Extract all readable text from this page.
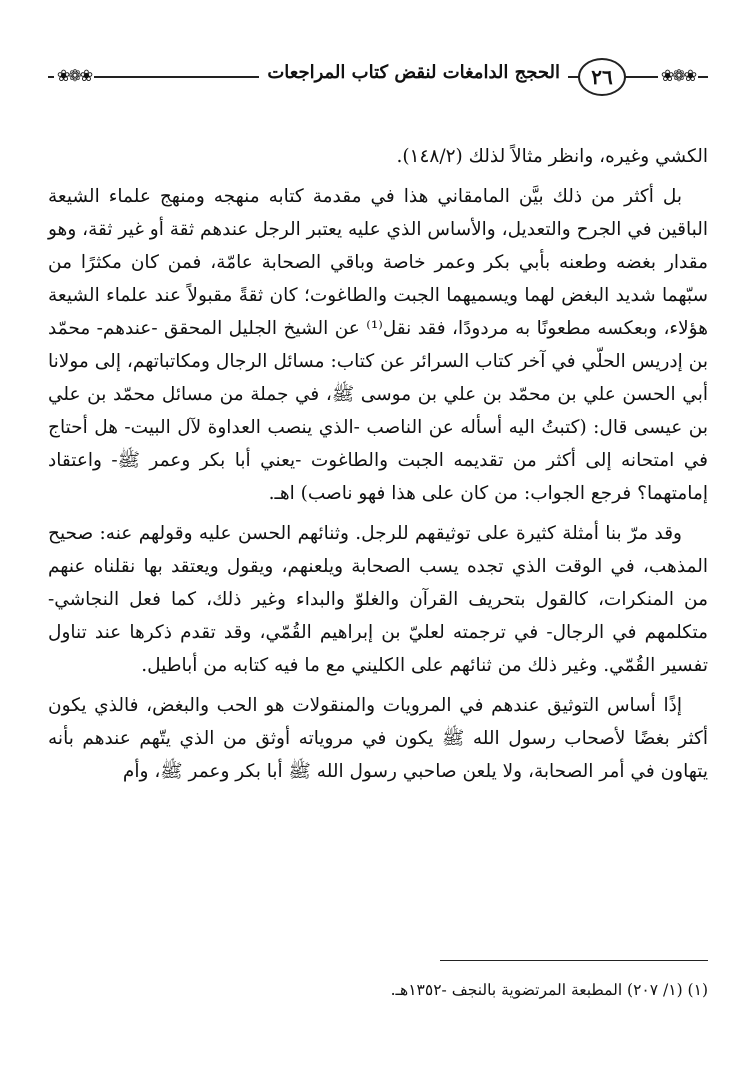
❀❁❀
٢٦
الحجج الدامغات لنقض كتاب المراجعات
❀❁❀

الكشي وغيره، وانظر مثالاً لذلك (١٤٨/٢).

بل أكثر من ذلك بيَّن المامقاني هذا في مقدمة كتابه منهجه ومنهج علماء الشيعة الباقين في الجرح والتعديل، والأساس الذي عليه يعتبر الرجل عندهم ثقة أو غير ثقة، وهو مقدار بغضه وطعنه بأبي بكر وعمر خاصة وباقي الصحابة عامّة، فمن كان مكثرًا من سبّهما شديد البغض لهما ويسميهما الجبت والطاغوت؛ كان ثقةً مقبولاً عند علماء الشيعة هؤلاء، وبعكسه مطعونًا به مردودًا، فقد نقل⁽¹⁾ عن الشيخ الجليل المحقق -عندهم- محمّد بن إدريس الحلّي في آخر كتاب السرائر عن كتاب: مسائل الرجال ومكاتباتهم، إلى مولانا أبي الحسن علي بن محمّد بن علي بن موسى ﷺ، في جملة من مسائل محمّد بن علي بن عيسى قال: (كتبتُ اليه أسأله عن الناصب -الذي ينصب العداوة لآل البيت- هل أحتاج في امتحانه إلى أكثر من تقديمه الجبت والطاغوت -يعني أبا بكر وعمر ﷺ- واعتقاد إمامتهما؟ فرجع الجواب: من كان على هذا فهو ناصب) اهـ.

وقد مرّ بنا أمثلة كثيرة على توثيقهم للرجل. وثنائهم الحسن عليه وقولهم عنه: صحيح المذهب، في الوقت الذي تجده يسب الصحابة ويلعنهم، ويقول ويعتقد بها نقلناه عنهم من المنكرات، كالقول بتحريف القرآن والغلوّ والبداء وغير ذلك، كما فعل النجاشي- متكلمهم في الرجال- في ترجمته لعليّ بن إبراهيم القُمّي، وقد تقدم ذكرها عند تناول تفسير القُمّي. وغير ذلك من ثنائهم على الكليني مع ما فيه كتابه من أباطيل.

إذًا أساس التوثيق عندهم في المرويات والمنقولات هو الحب والبغض، فالذي يكون أكثر بغضًا لأصحاب رسول الله ﷺ يكون في مروياته أوثق من الذي يتّهم عندهم بأنه يتهاون في أمر الصحابة، ولا يلعن صاحبي رسول الله ﷺ أبا بكر وعمر ﷺ، وأم

(١) (١/ ٢٠٧) المطبعة المرتضوية بالنجف -١٣٥٢هـ.
